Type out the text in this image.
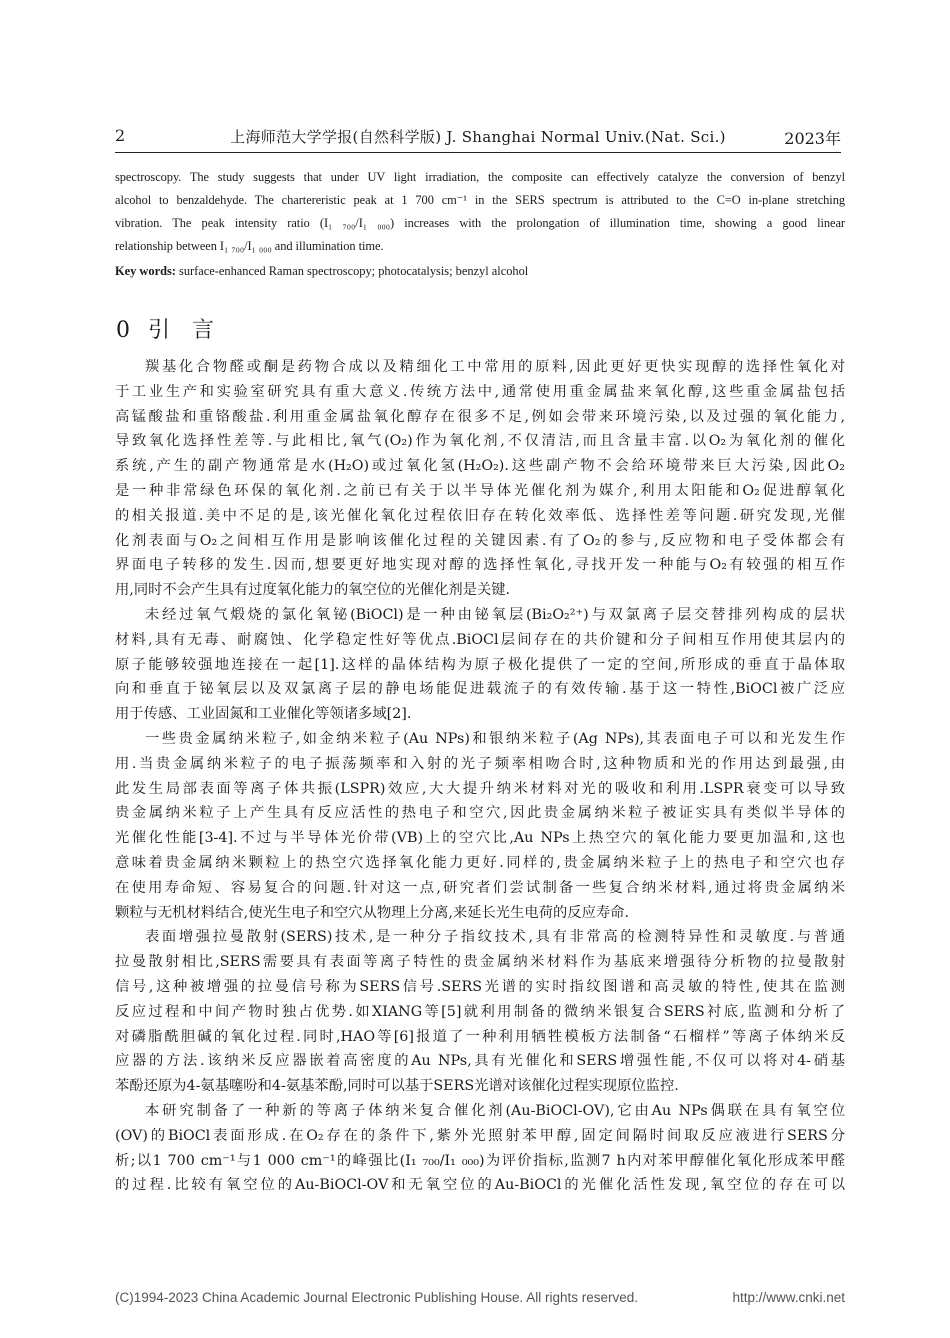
2	上海师范大学学报(自然科学版) J. Shanghai Normal Univ.(Nat. Sci.)	2023年
spectroscopy. The study suggests that under UV light irradiation, the composite can effectively catalyze the conversion of benzyl
alcohol to benzaldehyde. The chartereristic peak at 1 700 cm⁻¹ in the SERS spectrum is attributed to the C=O in-plane stretching
vibration. The peak intensity ratio (I₁ ₇₀₀/I₁ ₀₀₀) increases with the prolongation of illumination time, showing a good linear
relationship between I₁ ₇₀₀/I₁ ₀₀₀ and illumination time.
Key words: surface-enhanced Raman spectroscopy; photocatalysis; benzyl alcohol
0 引言
羰基化合物醛或酮是药物合成以及精细化工中常用的原料,因此更好更快实现醇的选择性氧化对
于工业生产和实验室研究具有重大意义.传统方法中,通常使用重金属盐来氧化醇,这些重金属盐包括
高锰酸盐和重铬酸盐.利用重金属盐氧化醇存在很多不足,例如会带来环境污染,以及过强的氧化能力,
导致氧化选择性差等.与此相比,氧气(O₂)作为氧化剂,不仅清洁,而且含量丰富.以O₂为氧化剂的催化
系统,产生的副产物通常是水(H₂O)或过氧化氢(H₂O₂).这些副产物不会给环境带来巨大污染,因此O₂
是一种非常绿色环保的氧化剂.之前已有关于以半导体光催化剂为媒介,利用太阳能和O₂促进醇氧化
的相关报道.美中不足的是,该光催化氧化过程依旧存在转化效率低、选择性差等问题.研究发现,光催
化剂表面与O₂之间相互作用是影响该催化过程的关键因素.有了O₂的参与,反应物和电子受体都会有
界面电子转移的发生.因而,想要更好地实现对醇的选择性氧化,寻找开发一种能与O₂有较强的相互作
用,同时不会产生具有过度氧化能力的氧空位的光催化剂是关键.
未经过氧气煅烧的氯化氧铋(BiOCl)是一种由铋氧层(Bi₂O₂²⁺)与双氯离子层交替排列构成的层状
材料,具有无毒、耐腐蚀、化学稳定性好等优点.BiOCl层间存在的共价键和分子间相互作用使其层内的
原子能够较强地连接在一起[1].这样的晶体结构为原子极化提供了一定的空间,所形成的垂直于晶体取
向和垂直于铋氧层以及双氯离子层的静电场能促进载流子的有效传输.基于这一特性,BiOCl被广泛应
用于传感、工业固氮和工业催化等领诸多域[2].
一些贵金属纳米粒子,如金纳米粒子(Au NPs)和银纳米粒子(Ag NPs),其表面电子可以和光发生作
用.当贵金属纳米粒子的电子振荡频率和入射的光子频率相吻合时,这种物质和光的作用达到最强,由
此发生局部表面等离子体共振(LSPR)效应,大大提升纳米材料对光的吸收和利用.LSPR衰变可以导致
贵金属纳米粒子上产生具有反应活性的热电子和空穴,因此贵金属纳米粒子被证实具有类似半导体的
光催化性能[3-4].不过与半导体光价带(VB)上的空穴比,Au NPs上热空穴的氧化能力要更加温和,这也
意味着贵金属纳米颗粒上的热空穴选择氧化能力更好.同样的,贵金属纳米粒子上的热电子和空穴也存
在使用寿命短、容易复合的问题.针对这一点,研究者们尝试制备一些复合纳米材料,通过将贵金属纳米
颗粒与无机材料结合,使光生电子和空穴从物理上分离,来延长光生电荷的反应寿命.
表面增强拉曼散射(SERS)技术,是一种分子指纹技术,具有非常高的检测特异性和灵敏度.与普通
拉曼散射相比,SERS需要具有表面等离子特性的贵金属纳米材料作为基底来增强待分析物的拉曼散射
信号,这种被增强的拉曼信号称为SERS信号.SERS光谱的实时指纹图谱和高灵敏的特性,使其在监测
反应过程和中间产物时独占优势.如XIANG等[5]就利用制备的微纳米银复合SERS衬底,监测和分析了
对磷脂酰胆碱的氧化过程.同时,HAO等[6]报道了一种利用牺牲模板方法制备“石榴样”等离子体纳米反
应器的方法.该纳米反应器嵌着高密度的Au NPs,具有光催化和SERS增强性能,不仅可以将对4-硝基
苯酚还原为4-氨基噻吩和4-氨基苯酚,同时可以基于SERS光谱对该催化过程实现原位监控.
本研究制备了一种新的等离子体纳米复合催化剂(Au-BiOCl-OV),它由Au NPs偶联在具有氧空位
(OV)的BiOCl表面形成.在O₂存在的条件下,紫外光照射苯甲醇,固定间隔时间取反应液进行SERS分
析;以1 700 cm⁻¹与1 000 cm⁻¹的峰强比(I₁ ₇₀₀/I₁ ₀₀₀)为评价指标,监测7 h内对苯甲醇催化氧化形成苯甲醛
的过程.比较有氧空位的Au-BiOCl-OV和无氧空位的Au-BiOCl的光催化活性发现,氧空位的存在可以
(C)1994-2023 China Academic Journal Electronic Publishing House. All rights reserved.	http://www.cnki.net
